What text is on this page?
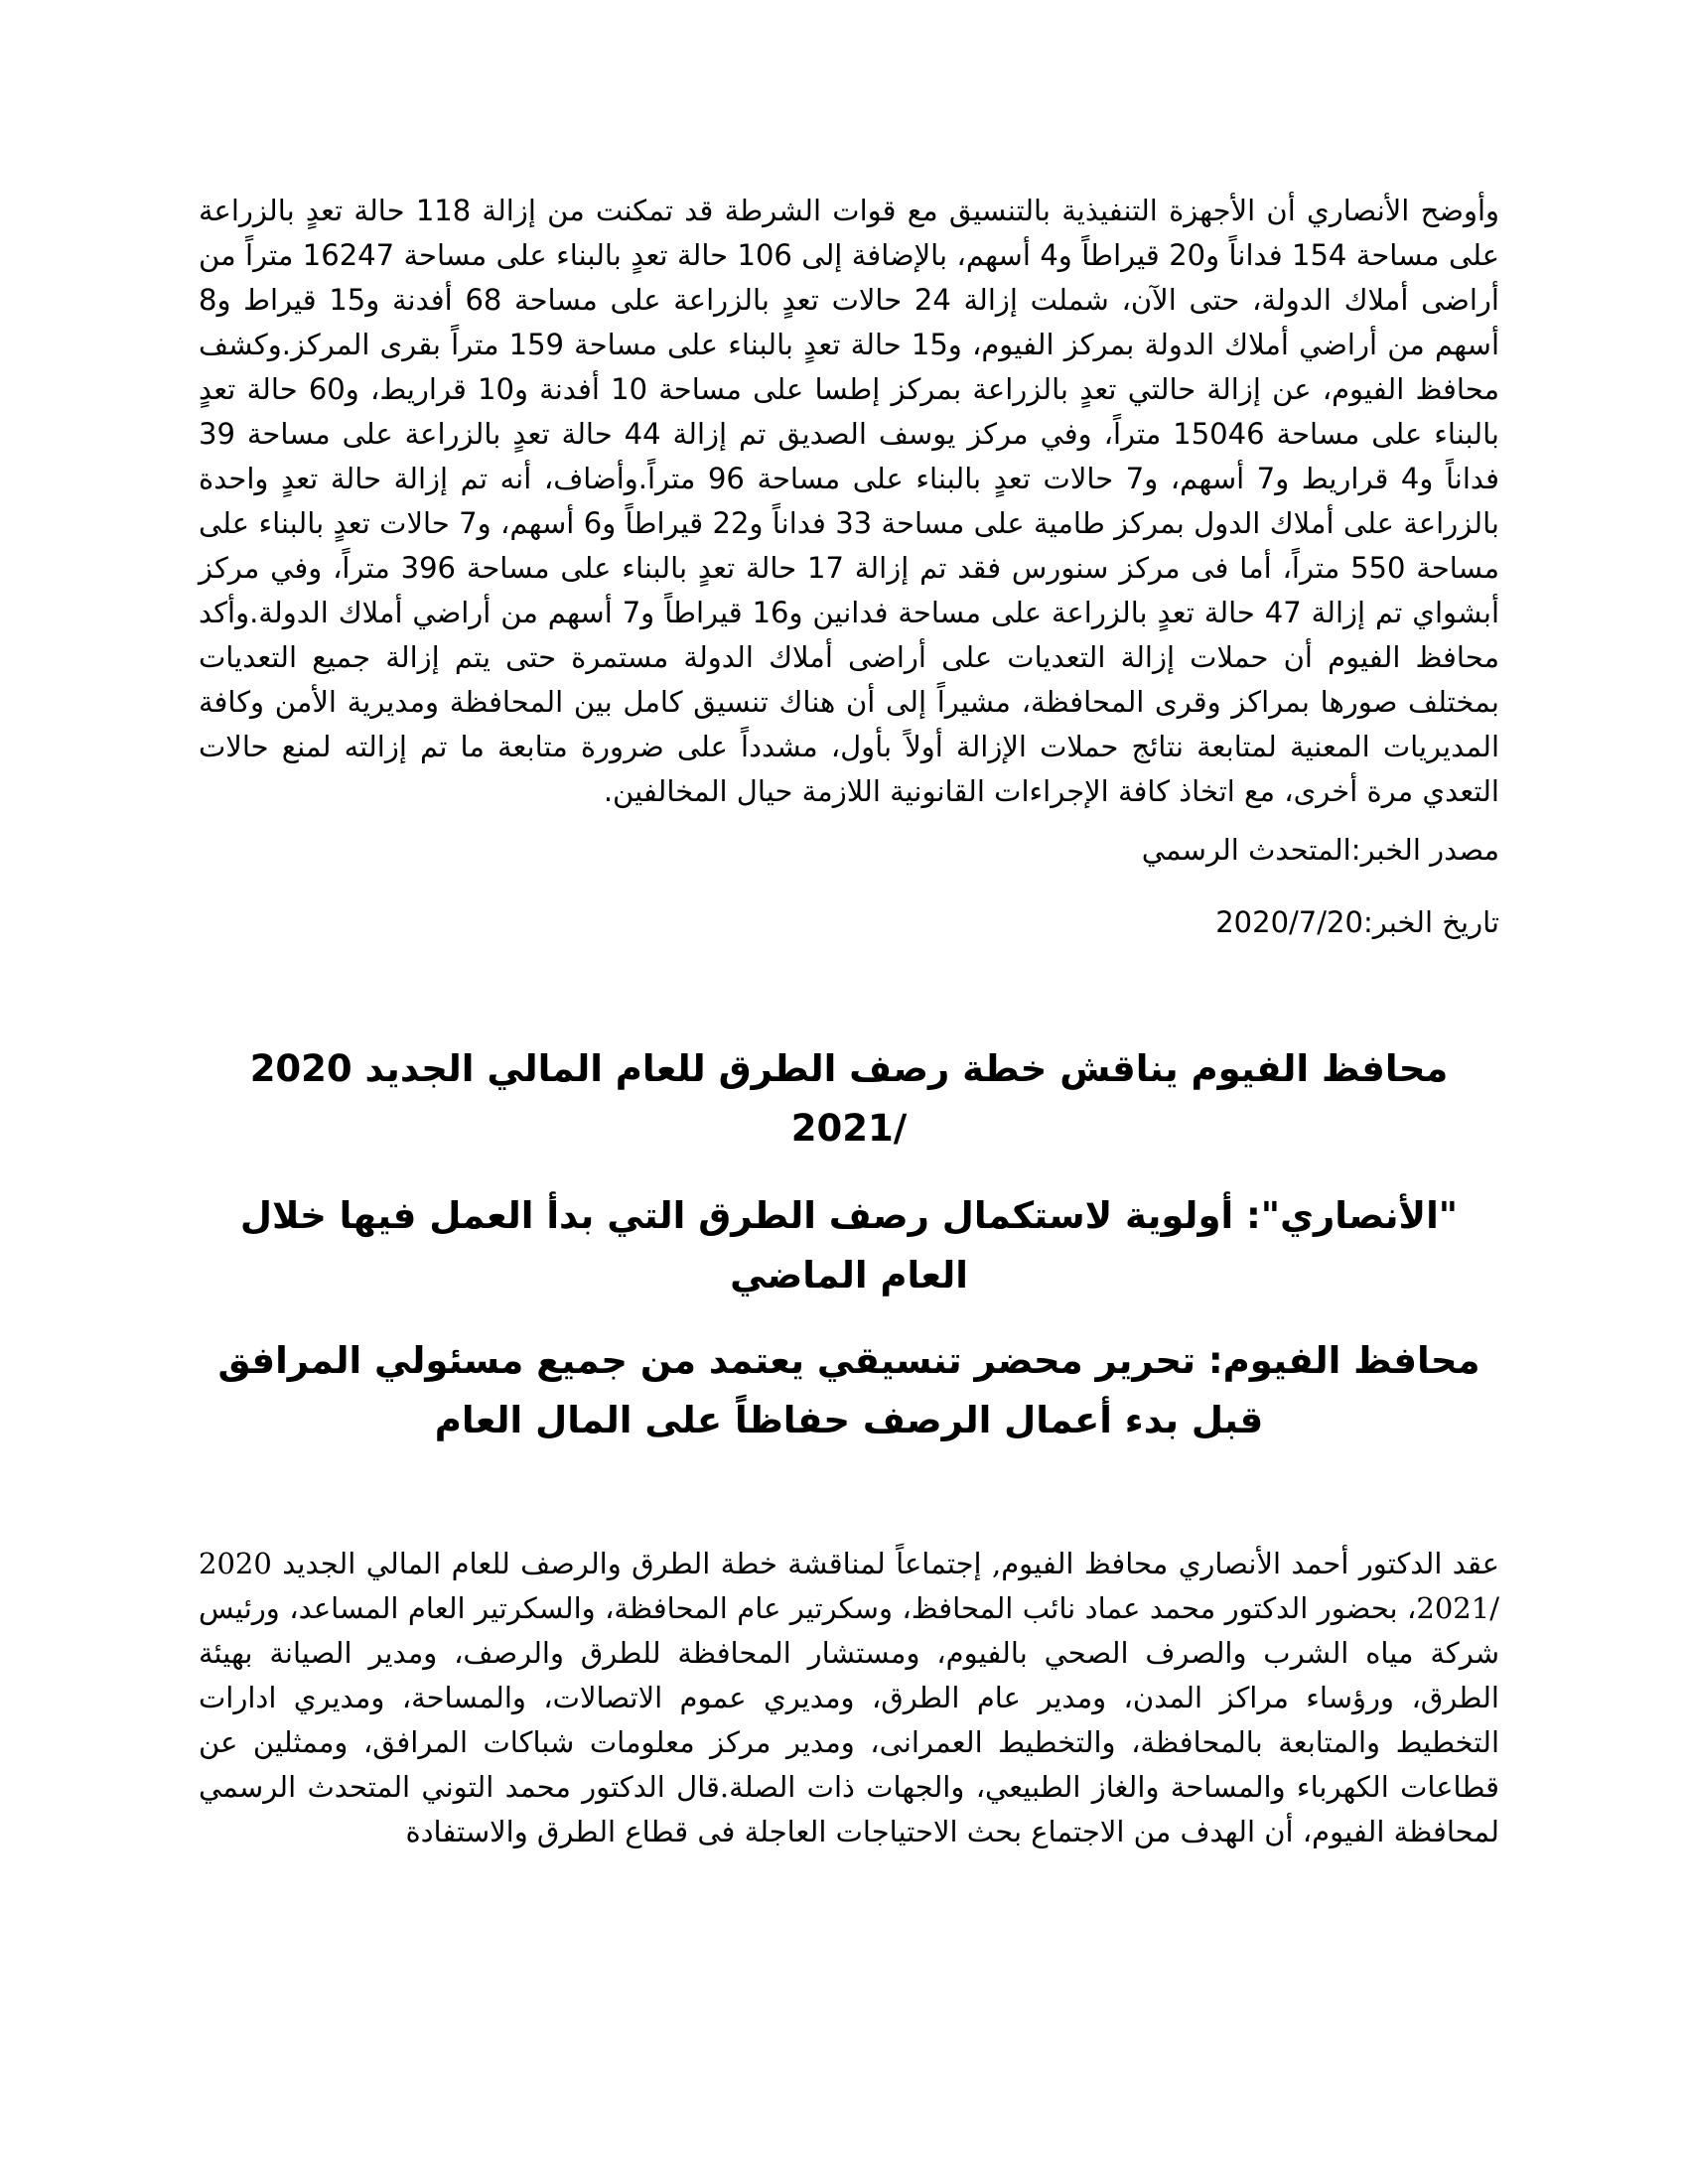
وأوضح الأنصاري أن الأجهزة التنفيذية بالتنسيق مع قوات الشرطة قد تمكنت من إزالة 118 حالة تعدٍ بالزراعة على مساحة 154 فداناً و20 قيراطاً و4 أسهم، بالإضافة إلى 106 حالة تعدٍ بالبناء على مساحة 16247 متراً من أراضى أملاك الدولة، حتى الآن، شملت إزالة 24 حالات تعدٍ بالزراعة على مساحة 68 أفدنة و15 قيراط و8 أسهم من أراضي أملاك الدولة بمركز الفيوم، و15 حالة تعدٍ بالبناء على مساحة 159 متراً بقرى المركز.وكشف محافظ الفيوم، عن إزالة حالتي تعدٍ بالزراعة بمركز إطسا على مساحة 10 أفدنة و10 قراريط، و60 حالة تعدٍ بالبناء على مساحة 15046 متراً، وفي مركز يوسف الصديق تم إزالة 44 حالة تعدٍ بالزراعة على مساحة 39 فداناً و4 قراريط و7 أسهم، و7 حالات تعدٍ بالبناء على مساحة 96 متراً.وأضاف، أنه تم إزالة حالة تعدٍ واحدة بالزراعة على أملاك الدول بمركز طامية على مساحة 33 فداناً و22 قيراطاً و6 أسهم، و7 حالات تعدٍ بالبناء على مساحة 550 متراً، أما فى مركز سنورس فقد تم إزالة 17 حالة تعدٍ بالبناء على مساحة 396 متراً، وفي مركز أبشواي تم إزالة 47 حالة تعدٍ بالزراعة على مساحة فدانين و16 قيراطاً و7 أسهم من أراضي أملاك الدولة.وأكد محافظ الفيوم أن حملات إزالة التعديات على أراضى أملاك الدولة مستمرة حتى يتم إزالة جميع التعديات بمختلف صورها بمراكز وقرى المحافظة، مشيراً إلى أن هناك تنسيق كامل بين المحافظة ومديرية الأمن وكافة المديريات المعنية لمتابعة نتائج حملات الإزالة أولاً بأول، مشدداً على ضرورة متابعة ما تم إزالته لمنع حالات التعدي مرة أخرى، مع اتخاذ كافة الإجراءات القانونية اللازمة حيال المخالفين.

مصدر الخبر:المتحدث الرسمي

تاريخ الخبر:2020/7/20

محافظ الفيوم يناقش خطة رصف الطرق للعام المالي الجديد 2020 /2021
"الأنصاري": أولوية لاستكمال رصف الطرق التي بدأ العمل فيها خلال العام الماضي
محافظ الفيوم: تحرير محضر تنسيقي يعتمد من جميع مسئولي المرافق قبل بدء أعمال الرصف حفاظاً على المال العام

عقد الدكتور أحمد الأنصاري محافظ الفيوم, إجتماعاً لمناقشة خطة الطرق والرصف للعام المالي الجديد 2020 /2021، بحضور الدكتور محمد عماد نائب المحافظ، وسكرتير عام المحافظة، والسكرتير العام المساعد، ورئيس شركة مياه الشرب والصرف الصحي بالفيوم، ومستشار المحافظة للطرق والرصف، ومدير الصيانة بهيئة الطرق، ورؤساء مراكز المدن، ومدير عام الطرق، ومديري عموم الاتصالات، والمساحة، ومديري ادارات التخطيط والمتابعة بالمحافظة، والتخطيط العمرانى، ومدير مركز معلومات شباكات المرافق، وممثلين عن قطاعات الكهرباء والمساحة والغاز الطبيعي، والجهات ذات الصلة.قال الدكتور محمد التوني المتحدث الرسمي لمحافظة الفيوم، أن الهدف من الاجتماع بحث الاحتياجات العاجلة فى قطاع الطرق والاستفادة
